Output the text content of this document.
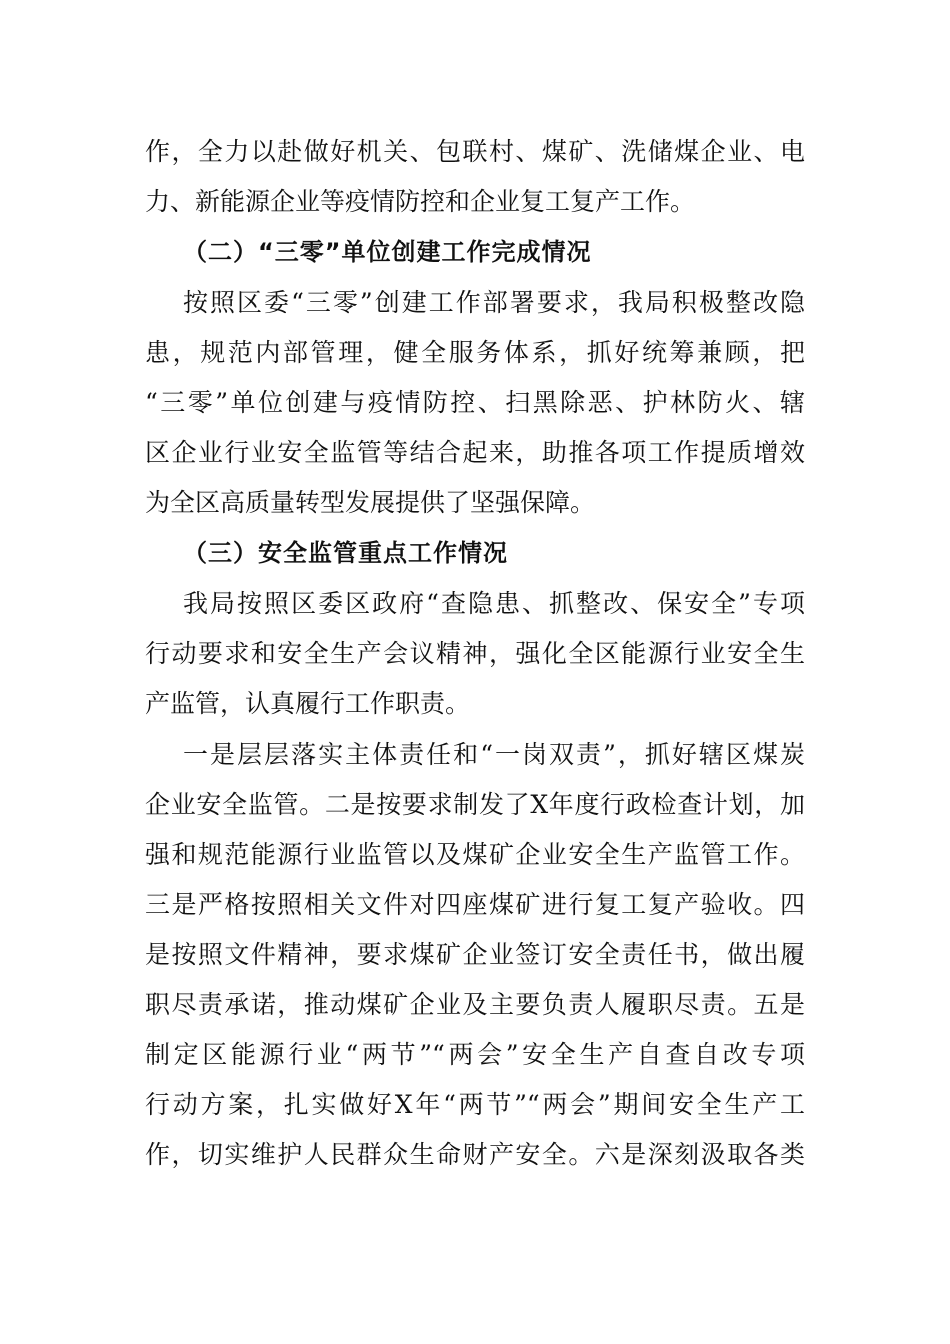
作，全力以赴做好机关、包联村、煤矿、洗储煤企业、电
力、新能源企业等疫情防控和企业复工复产工作。
（二）“三零”单位创建工作完成情况
按照区委“三零”创建工作部署要求，我局积极整改隐
患，规范内部管理，健全服务体系，抓好统筹兼顾，把
“三零”单位创建与疫情防控、扫黑除恶、护林防火、辖
区企业行业安全监管等结合起来，助推各项工作提质增效
为全区高质量转型发展提供了坚强保障。
（三）安全监管重点工作情况
我局按照区委区政府“查隐患、抓整改、保安全”专项
行动要求和安全生产会议精神，强化全区能源行业安全生
产监管，认真履行工作职责。
一是层层落实主体责任和“一岗双责”，抓好辖区煤炭
企业安全监管。二是按要求制发了X年度行政检查计划，加
强和规范能源行业监管以及煤矿企业安全生产监管工作。
三是严格按照相关文件对四座煤矿进行复工复产验收。四
是按照文件精神，要求煤矿企业签订安全责任书，做出履
职尽责承诺，推动煤矿企业及主要负责人履职尽责。五是
制定区能源行业“两节”“两会”安全生产自查自改专项
行动方案，扎实做好X年“两节”“两会”期间安全生产工
作，切实维护人民群众生命财产安全。六是深刻汲取各类
